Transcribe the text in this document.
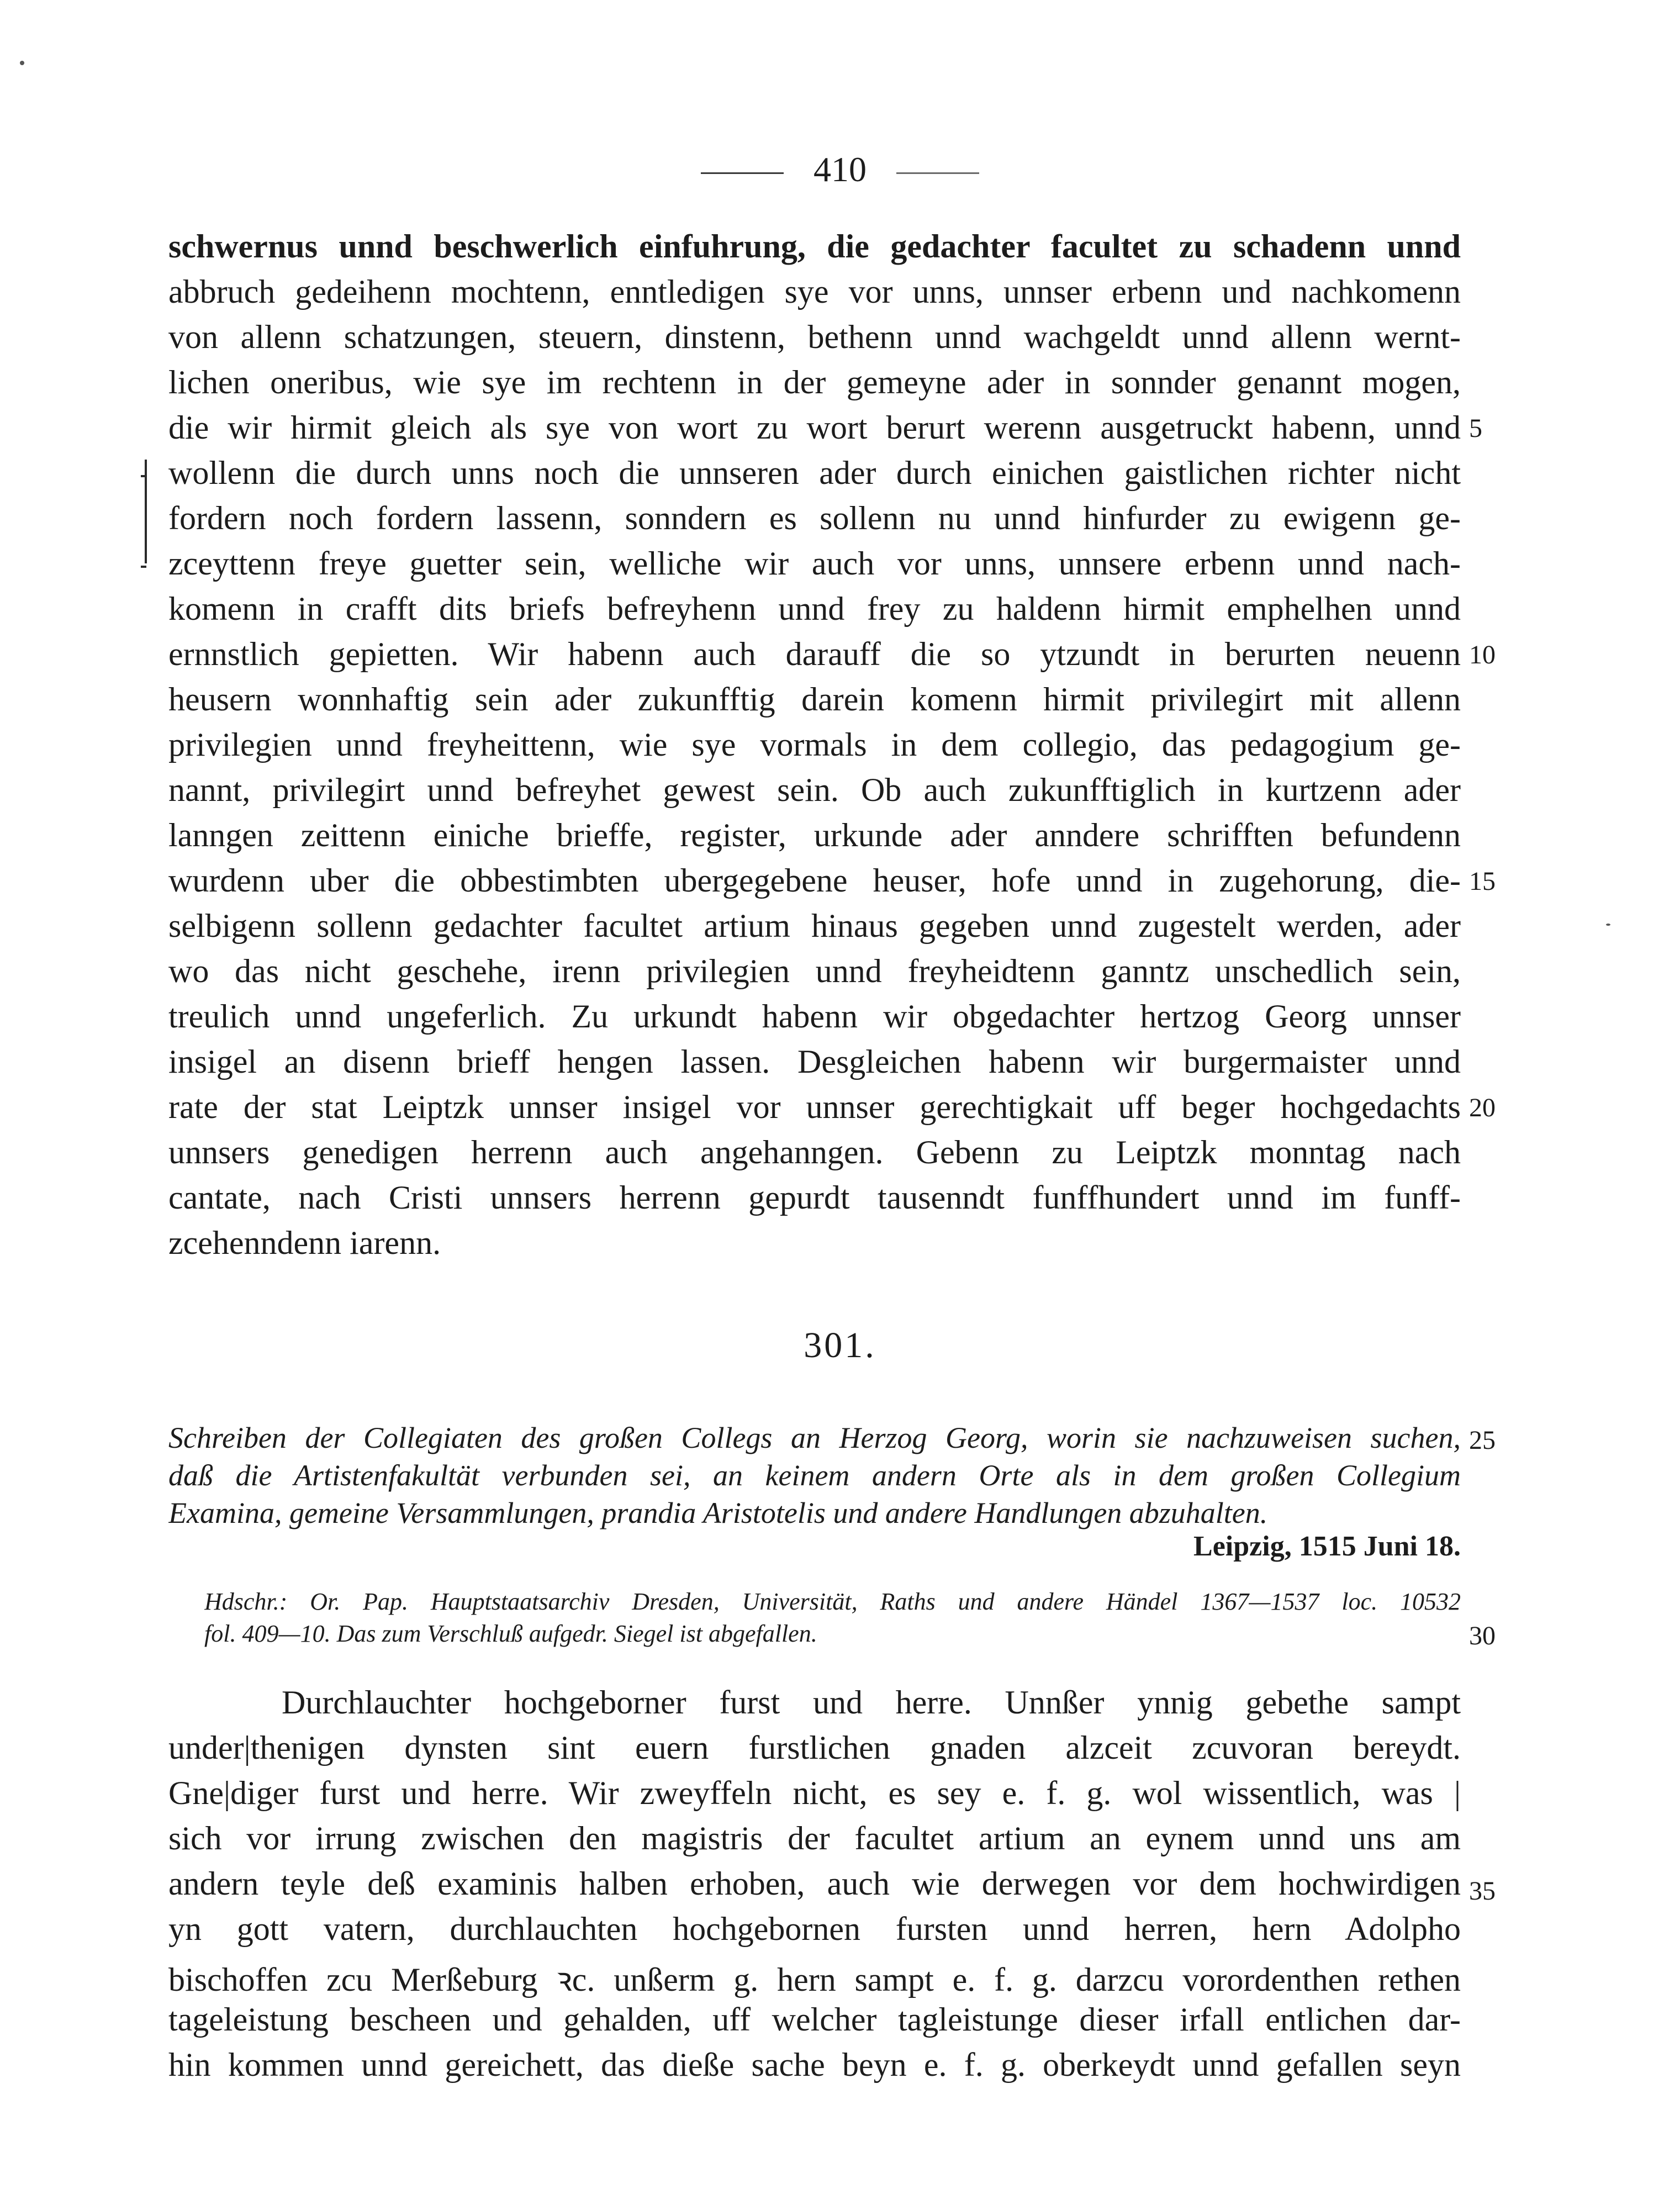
410
schwernus unnd beschwerlich einfuhrung, die gedachter facultet zu schadenn unnd
abbruch gedeihenn mochtenn, enntledigen sye vor unns, unnser erbenn und nachkomenn
von allenn schatzungen, steuern, dinstenn, bethenn unnd wachgeldt unnd allenn wernt-
lichen oneribus, wie sye im rechtenn in der gemeyne ader in sonnder genannt mogen,
die wir hirmit gleich als sye von wort zu wort berurt werenn ausgetruckt habenn, unnd
wollenn die durch unns noch die unnseren ader durch einichen gaistlichen richter nicht
fordern noch fordern lassenn, sonndern es sollenn nu unnd hinfurder zu ewigenn ge-
zceyttenn freye guetter sein, welliche wir auch vor unns, unnsere erbenn unnd nach-
komenn in crafft dits briefs befreyhenn unnd frey zu haldenn hirmit emphelhen unnd
ernnstlich gepietten. Wir habenn auch darauff die so ytzundt in berurten neuenn
heusern wonnhaftig sein ader zukunfftig darein komenn hirmit privilegirt mit allenn
privilegien unnd freyheittenn, wie sye vormals in dem collegio, das pedagogium ge-
nannt, privilegirt unnd befreyhet gewest sein. Ob auch zukunfftiglich in kurtzenn ader
lanngen zeittenn einiche brieffe, register, urkunde ader anndere schrifften befundenn
wurdenn uber die obbestimbten ubergegebene heuser, hofe unnd in zugehorung, die-
selbigenn sollenn gedachter facultet artium hinaus gegeben unnd zugestelt werden, ader
wo das nicht geschehe, irenn privilegien unnd freyheidtenn ganntz unschedlich sein,
treulich unnd ungeferlich. Zu urkundt habenn wir obgedachter hertzog Georg unnser
insigel an disenn brieff hengen lassen. Desgleichen habenn wir burgermaister unnd
rate der stat Leiptzk unnser insigel vor unnser gerechtigkait uff beger hochgedachts
unnsers genedigen herrenn auch angehanngen. Gebenn zu Leiptzk monntag nach
cantate, nach Cristi unnsers herrenn gepurdt tausenndt funffhundert unnd im funff-
zcehenndenn iarenn.
5
10
15
20
25
30
35
301.
Schreiben der Collegiaten des großen Collegs an Herzog Georg, worin sie nachzuweisen suchen,
daß die Artistenfakultät verbunden sei, an keinem andern Orte als in dem großen Collegium
Examina, gemeine Versammlungen, prandia Aristotelis und andere Handlungen abzuhalten.
Leipzig, 1515 Juni 18.
Hdschr.: Or. Pap. Hauptstaatsarchiv Dresden, Universität, Raths und andere Händel 1367—1537 loc. 10532
fol. 409—10. Das zum Verschluß aufgedr. Siegel ist abgefallen.
Durchlauchter hochgeborner furst und herre. Unnßer ynnig gebethe sampt
under|thenigen dynsten sint euern furstlichen gnaden alzceit zcuvoran bereydt.
Gne|diger furst und herre. Wir zweyffeln nicht, es sey e. f. g. wol wissentlich, was |
sich vor irrung zwischen den magistris der facultet artium an eynem unnd uns am
andern teyle deß examinis halben erhoben, auch wie derwegen vor dem hochwirdigen
yn gott vatern, durchlauchten hochgebornen fursten unnd herren, hern Adolpho
bischoffen zcu Merßeburg ꝛc. unßerm g. hern sampt e. f. g. darzcu vorordenthen rethen
tageleistung bescheen und gehalden, uff welcher tagleistunge dieser irfall entlichen dar-
hin kommen unnd gereichett, das dieße sache beyn e. f. g. oberkeydt unnd gefallen seyn
